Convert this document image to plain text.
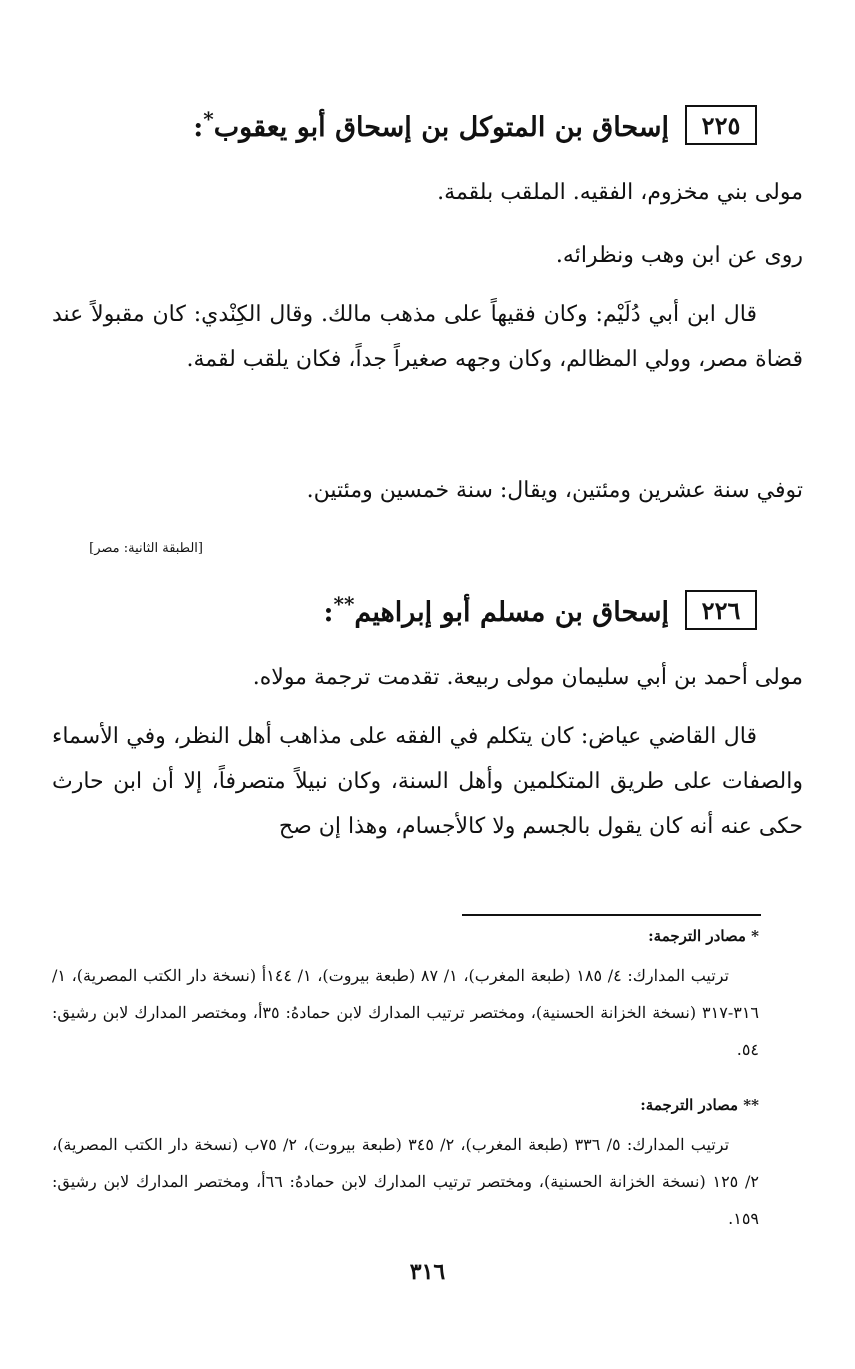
٢٢٥
إسحاق بن المتوكل بن إسحاق أبو يعقوب*:
مولى بني مخزوم، الفقيه. الملقب بلقمة.
روى عن ابن وهب ونظرائه.
قال ابن أبي دُلَيْم: وكان فقيهاً على مذهب مالك. وقال الكِنْدي: كان مقبولاً عند قضاة مصر، وولي المظالم، وكان وجهه صغيراً جداً، فكان يلقب لقمة.
توفي سنة عشرين ومئتين، ويقال: سنة خمسين ومئتين.
[الطبقة الثانية: مصر]
٢٢٦
إسحاق بن مسلم أبو إبراهيم**:
مولى أحمد بن أبي سليمان مولى ربيعة. تقدمت ترجمة مولاه.
قال القاضي عياض: كان يتكلم في الفقه على مذاهب أهل النظر، وفي الأسماء والصفات على طريق المتكلمين وأهل السنة، وكان نبيلاً متصرفاً، إلا أن ابن حارث حكى عنه أنه كان يقول بالجسم ولا كالأجسام، وهذا إن صح
* مصادر الترجمة:
ترتيب المدارك: ٤/ ١٨٥ (طبعة المغرب)، ١/ ٨٧ (طبعة بيروت)، ١/ ١٤٤أ (نسخة دار الكتب المصرية)، ١/ ٣١٦-٣١٧ (نسخة الخزانة الحسنية)، ومختصر ترتيب المدارك لابن حمادهُ: ٣٥أ، ومختصر المدارك لابن رشيق: ٥٤.
** مصادر الترجمة:
ترتيب المدارك: ٥/ ٣٣٦ (طبعة المغرب)، ٢/ ٣٤٥ (طبعة بيروت)، ٢/ ٧٥ب (نسخة دار الكتب المصرية)، ٢/ ١٢٥ (نسخة الخزانة الحسنية)، ومختصر ترتيب المدارك لابن حمادهُ: ٦٦أ، ومختصر المدارك لابن رشيق: ١٥٩.
٣١٦
